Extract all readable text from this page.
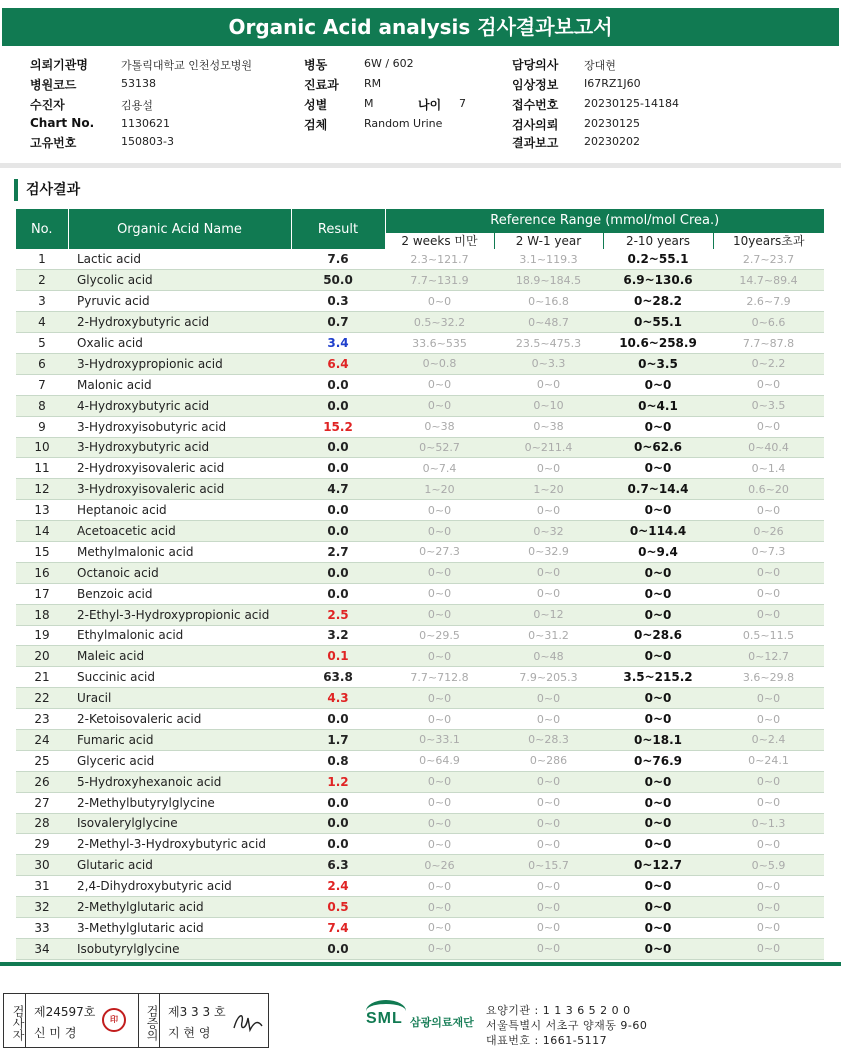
Organic Acid analysis 검사결과보고서
의뢰기관명	가톨릭대학교 인천성모병원
병원코드	53138
수진자	김용설
Chart No. 1130621
고유번호	150803-3
병동	6W / 602
진료과 RM
성별	M
검체	Random Urine
나이 7
담당의사 장대현
임상정보 I67RZ1J60
접수번호 20230125-14184
검사의뢰 20230125
결과보고 20230202
검사결과
No.	Organic Acid Name	Result	Reference Range (mmol/mol Crea.)			

			2 weeks 미만	2 W-1 year	2-10 years	10years초과

1	Lactic acid	7.6	2.3~121.7	3.1~119.3	0.2~55.1	2.7~23.7
2	Glycolic acid	50.0	7.7~131.9	18.9~184.5	6.9~130.6	14.7~89.4
3	Pyruvic acid	0.3	0~0	0~16.8	0~28.2	2.6~7.9
4	2-Hydroxybutyric acid	0.7	0.5~32.2	0~48.7	0~55.1	0~6.6
5	Oxalic acid	3.4	33.6~535	23.5~475.3	10.6~258.9	7.7~87.8
6	3-Hydroxypropionic acid	6.4	0~0.8	0~3.3	0~3.5	0~2.2
7	Malonic acid	0.0	0~0	0~0	0~0	0~0
8	4-Hydroxybutyric acid	0.0	0~0	0~10	0~4.1	0~3.5
9	3-Hydroxyisobutyric acid	15.2	0~38	0~38	0~0	0~0
10	3-Hydroxybutyric acid	0.0	0~52.7	0~211.4	0~62.6	0~40.4
11	2-Hydroxyisovaleric acid	0.0	0~7.4	0~0	0~0	0~1.4
12	3-Hydroxyisovaleric acid	4.7	1~20	1~20	0.7~14.4	0.6~20
13	Heptanoic acid	0.0	0~0	0~0	0~0	0~0
14	Acetoacetic acid	0.0	0~0	0~32	0~114.4	0~26
15	Methylmalonic acid	2.7	0~27.3	0~32.9	0~9.4	0~7.3
16	Octanoic acid	0.0	0~0	0~0	0~0	0~0
17	Benzoic acid	0.0	0~0	0~0	0~0	0~0
18	2-Ethyl-3-Hydroxypropionic acid	2.5	0~0	0~12	0~0	0~0
19	Ethylmalonic acid	3.2	0~29.5	0~31.2	0~28.6	0.5~11.5
20	Maleic acid	0.1	0~0	0~48	0~0	0~12.7
21	Succinic acid	63.8	7.7~712.8	7.9~205.3	3.5~215.2	3.6~29.8
22	Uracil	4.3	0~0	0~0	0~0	0~0
23	2-Ketoisovaleric acid	0.0	0~0	0~0	0~0	0~0
24	Fumaric acid	1.7	0~33.1	0~28.3	0~18.1	0~2.4
25	Glyceric acid	0.8	0~64.9	0~286	0~76.9	0~24.1
26	5-Hydroxyhexanoic acid	1.2	0~0	0~0	0~0	0~0
27	2-Methylbutyrylglycine	0.0	0~0	0~0	0~0	0~0
28	Isovalerylglycine	0.0	0~0	0~0	0~0	0~1.3
29	2-Methyl-3-Hydroxybutyric acid	0.0	0~0	0~0	0~0	0~0
30	Glutaric acid	6.3	0~26	0~15.7	0~12.7	0~5.9
31	2,4-Dihydroxybutyric acid	2.4	0~0	0~0	0~0	0~0
32	2-Methylglutaric acid	0.5	0~0	0~0	0~0	0~0
33	3-Methylglutaric acid	7.4	0~0	0~0	0~0	0~0
34	Isobutyrylglycine	0.0	0~0	0~0	0~0	0~0
검사자 제24597호
신 미 경
印	검증의 제3 3 3 호
지 현 영
SML 삼광의료재단
요양기관 : 1 1 3 6 5 2 0 0
서울특별시 서초구 양재동 9-60
대표번호 : 1661-5117
